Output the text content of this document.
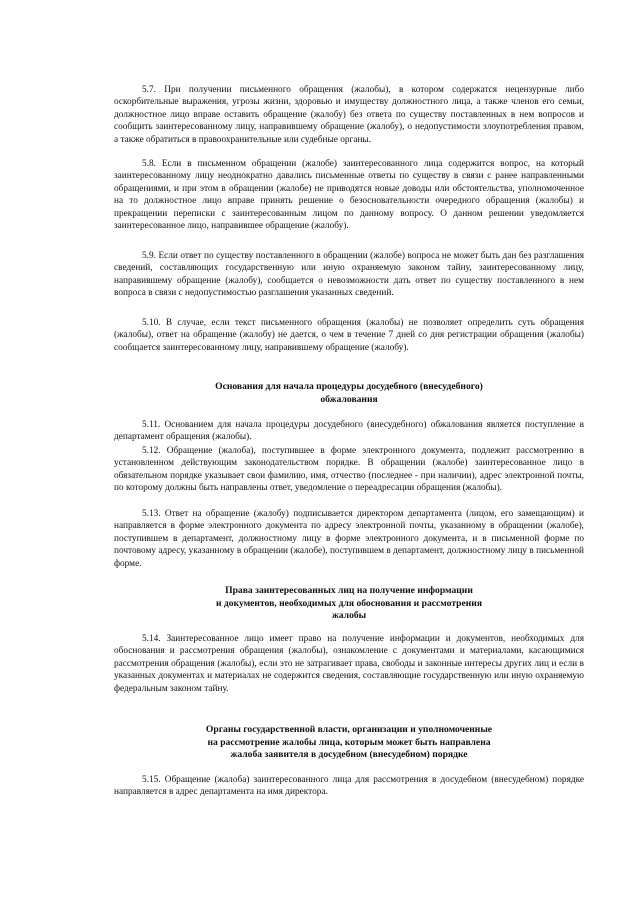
5.7. При получении письменного обращения (жалобы), в котором содержатся нецензурные либо оскорбительные выражения, угрозы жизни, здоровью и имуществу должностного лица, а также членов его семьи, должностное лицо вправе оставить обращение (жалобу) без ответа по существу поставленных в нем вопросов и сообщить заинтересованному лицу, направившему обращение (жалобу), о недопустимости злоупотребления правом, а также обратиться в правоохранительные или судебные органы.

5.8. Если в письменном обращении (жалобе) заинтересованного лица содержится вопрос, на который заинтересованному лицу неоднократно давались письменные ответы по существу в связи с ранее направленными обращениями, и при этом в обращении (жалобе) не приводятся новые доводы или обстоятельства, уполномоченное на то должностное лицо вправе принять решение о безосновательности очередного обращения (жалобы) и прекращении переписки с заинтересованным лицом по данному вопросу. О данном решении уведомляется заинтересованное лицо, направившее обращение (жалобу).

5.9. Если ответ по существу поставленного в обращении (жалобе) вопроса не может быть дан без разглашения сведений, составляющих государственную или иную охраняемую законом тайну, заинтересованному лицу, направившему обращение (жалобу), сообщается о невозможности дать ответ по существу поставленного в нем вопроса в связи с недопустимостью разглашения указанных сведений.

5.10. В случае, если текст письменного обращения (жалобы) не позволяет определить суть обращения (жалобы), ответ на обращение (жалобу) не дается, о чем в течение 7 дней со дня регистрации обращения (жалобы) сообщается заинтересованному лицу, направившему обращение (жалобу).

Основания для начала процедуры досудебного (внесудебного)
обжалования

5.11. Основанием для начала процедуры досудебного (внесудебного) обжалования является поступление в департамент обращения (жалобы).

5.12. Обращение (жалоба), поступившее в форме электронного документа, подлежит рассмотрению в установленном действующим законодательством порядке. В обращении (жалобе) заинтересованное лицо в обязательном порядке указывает свои фамилию, имя, отчество (последнее - при наличии), адрес электронной почты, по которому должны быть направлены ответ, уведомление о переадресации обращения (жалобы).

5.13. Ответ на обращение (жалобу) подписывается директором департамента (лицом, его замещающим) и направляется в форме электронного документа по адресу электронной почты, указанному в обращении (жалобе), поступившем в департамент, должностному лицу в форме электронного документа, и в письменной форме по почтовому адресу, указанному в обращении (жалобе), поступившем в департамент, должностному лицу в письменной форме.

Права заинтересованных лиц на получение информации
и документов, необходимых для обоснования и рассмотрения
жалобы

5.14. Заинтересованное лицо имеет право на получение информации и документов, необходимых для обоснования и рассмотрения обращения (жалобы), ознакомление с документами и материалами, касающимися рассмотрения обращения (жалобы), если это не затрагивает права, свободы и законные интересы других лиц и если в указанных документах и материалах не содержится сведения, составляющие государственную или иную охраняемую федеральным законом тайну.

Органы государственной власти, организации и уполномоченные
на рассмотрение жалобы лица, которым может быть направлена
жалоба заявителя в досудебном (внесудебном) порядке

5.15. Обращение (жалоба) заинтересованного лица для рассмотрения в досудебном (внесудебном) порядке направляется в адрес департамента на имя директора.
